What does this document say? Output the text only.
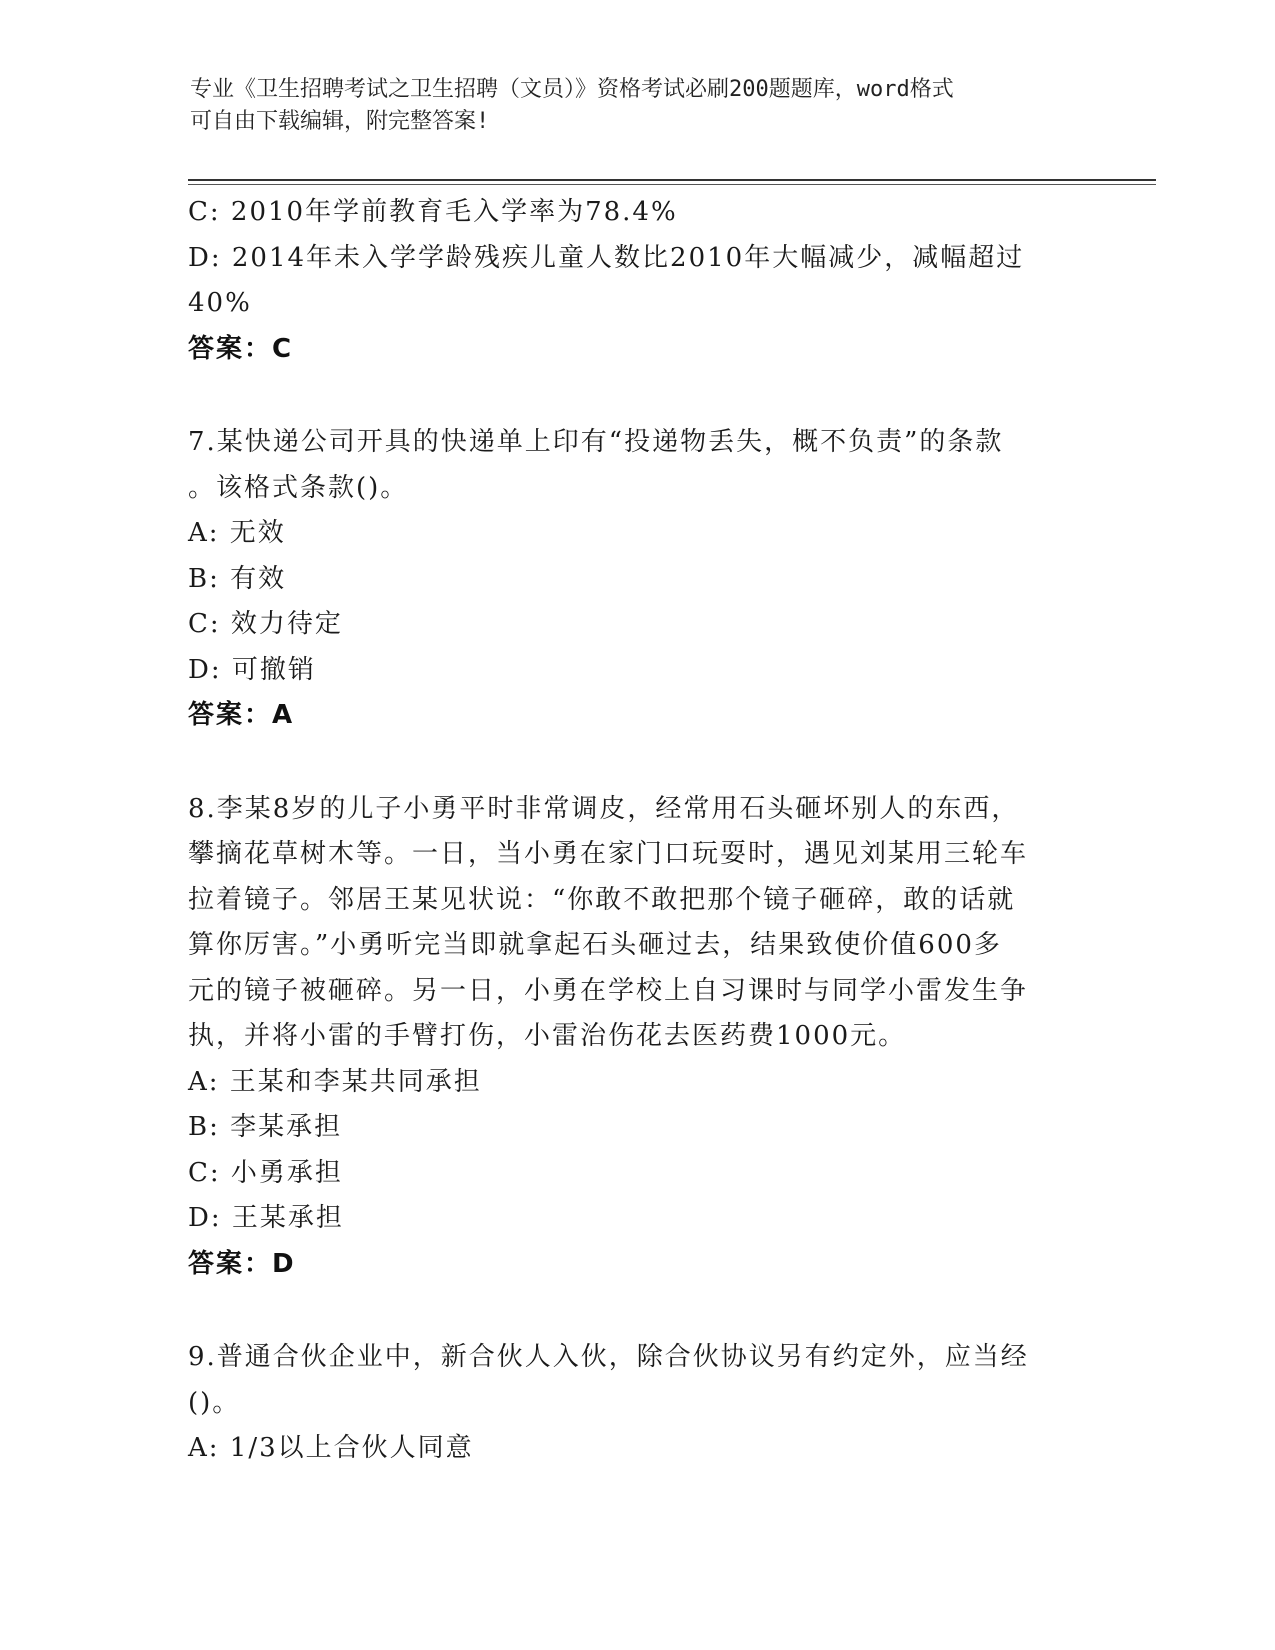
专业《卫生招聘考试之卫生招聘（文员）》资格考试必刷200题题库，word格式
可自由下载编辑，附完整答案!
C: 2010年学前教育毛入学率为78.4%
D: 2014年未入学学龄残疾儿童人数比2010年大幅减少，减幅超过
40%
答案：C
7.某快递公司开具的快递单上印有“投递物丢失，概不负责”的条款
。该格式条款()。
A: 无效
B: 有效
C: 效力待定
D: 可撤销
答案：A
8.李某8岁的儿子小勇平时非常调皮，经常用石头砸坏别人的东西，
攀摘花草树木等。一日，当小勇在家门口玩耍时，遇见刘某用三轮车
拉着镜子。邻居王某见状说：“你敢不敢把那个镜子砸碎，敢的话就
算你厉害。”小勇听完当即就拿起石头砸过去，结果致使价值600多
元的镜子被砸碎。另一日，小勇在学校上自习课时与同学小雷发生争
执，并将小雷的手臂打伤，小雷治伤花去医药费1000元。
A: 王某和李某共同承担
B: 李某承担
C: 小勇承担
D: 王某承担
答案：D
9.普通合伙企业中，新合伙人入伙，除合伙协议另有约定外，应当经
()。
A: 1/3以上合伙人同意
